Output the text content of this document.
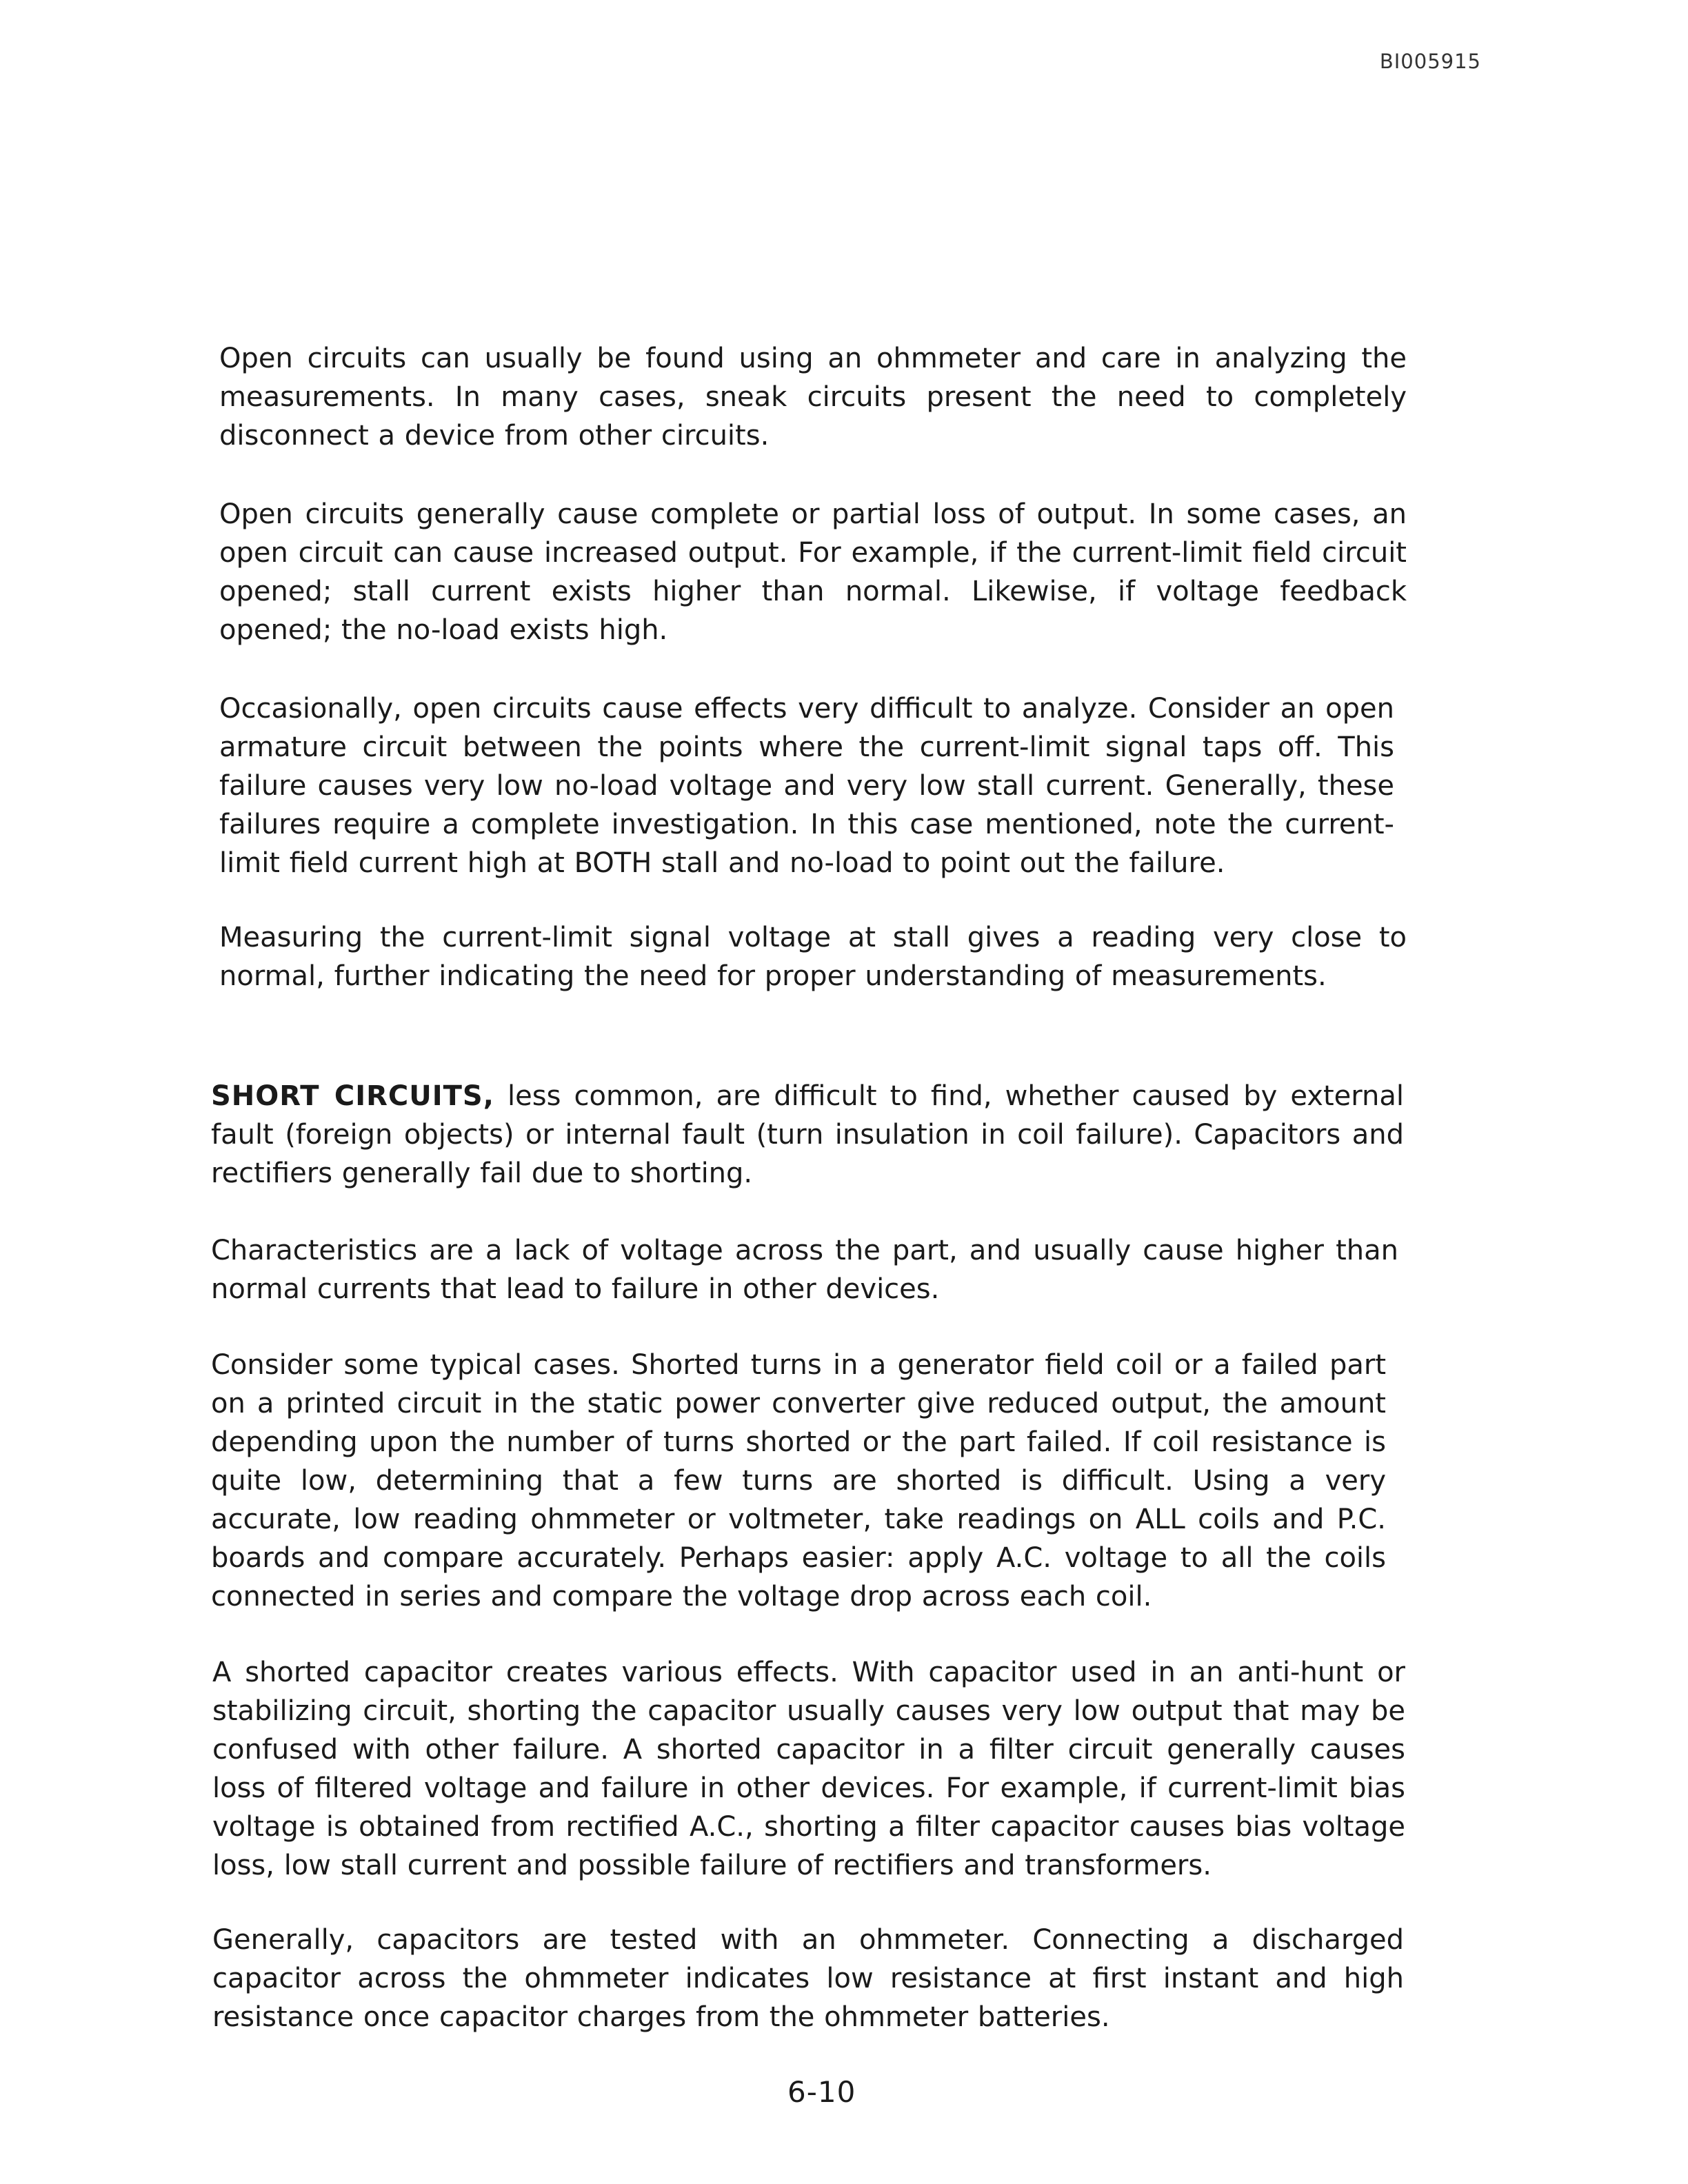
BI005915

Open circuits can usually be found using an ohmmeter and care in analyzing the measurements. In many cases, sneak circuits present the need to completely disconnect a device from other circuits.

Open circuits generally cause complete or partial loss of output. In some cases, an open circuit can cause increased output. For example, if the current-limit field circuit opened; stall current exists higher than normal. Likewise, if voltage feedback opened; the no-load exists high.

Occasionally, open circuits cause effects very difficult to analyze. Consider an open armature circuit between the points where the current-limit signal taps off. This failure causes very low no-load voltage and very low stall current. Generally, these failures require a complete investigation. In this case mentioned, note the current-limit field current high at BOTH stall and no-load to point out the failure.

Measuring the current-limit signal voltage at stall gives a reading very close to normal, further indicating the need for proper understanding of measurements.

SHORT CIRCUITS, less common, are difficult to find, whether caused by external fault (foreign objects) or internal fault (turn insulation in coil failure). Capacitors and rectifiers generally fail due to shorting.

Characteristics are a lack of voltage across the part, and usually cause higher than normal currents that lead to failure in other devices.

Consider some typical cases. Shorted turns in a generator field coil or a failed part on a printed circuit in the static power converter give reduced output, the amount depending upon the number of turns shorted or the part failed. If coil resistance is quite low, determining that a few turns are shorted is difficult. Using a very accurate, low reading ohmmeter or voltmeter, take readings on ALL coils and P.C. boards and compare accurately. Perhaps easier: apply A.C. voltage to all the coils connected in series and compare the voltage drop across each coil.

A shorted capacitor creates various effects. With capacitor used in an anti-hunt or stabilizing circuit, shorting the capacitor usually causes very low output that may be confused with other failure. A shorted capacitor in a filter circuit generally causes loss of filtered voltage and failure in other devices. For example, if current-limit bias voltage is obtained from rectified A.C., shorting a filter capacitor causes bias voltage loss, low stall current and possible failure of rectifiers and transformers.

Generally, capacitors are tested with an ohmmeter. Connecting a discharged capacitor across the ohmmeter indicates low resistance at first instant and high resistance once capacitor charges from the ohmmeter batteries.

6-10
